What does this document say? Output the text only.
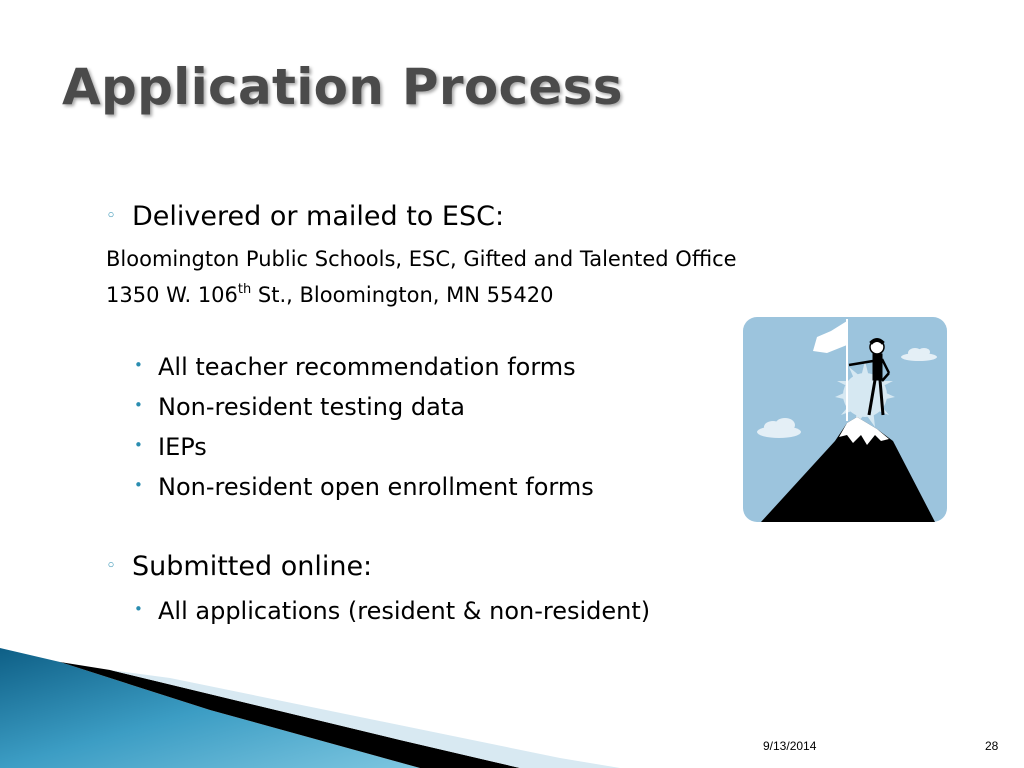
Application Process
◦ Delivered or mailed to ESC:
Bloomington Public Schools, ESC, Gifted and Talented Office
1350 W. 106th St., Bloomington, MN 55420
• All teacher recommendation forms
• Non-resident testing data
• IEPs
• Non-resident open enrollment forms
◦ Submitted online:
• All applications (resident & non-resident)
9/13/2014	28
